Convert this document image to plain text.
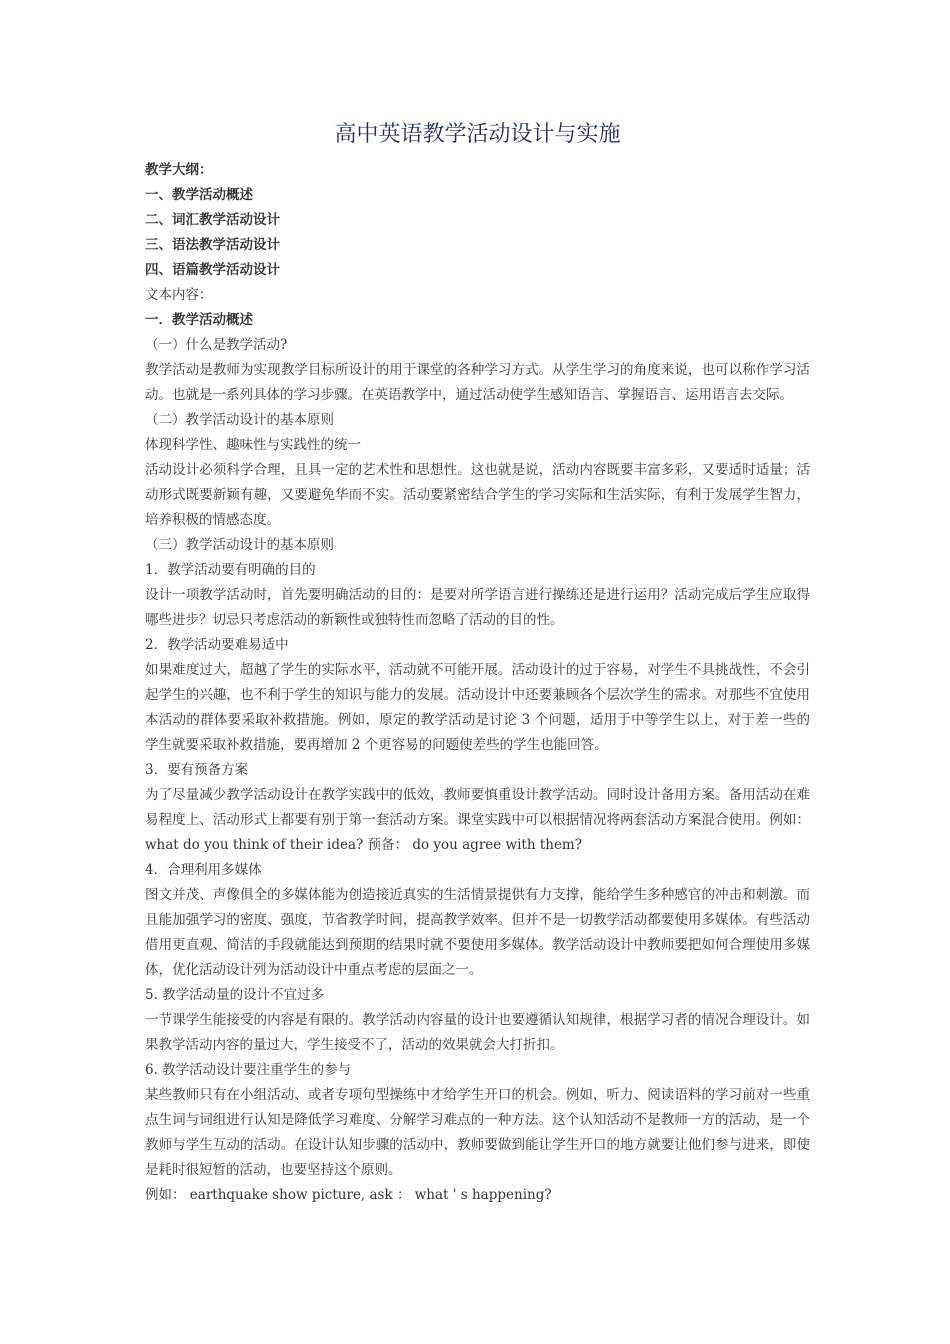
高中英语教学活动设计与实施

教学大纲：

一、教学活动概述

二、词汇教学活动设计

三、语法教学活动设计

四、语篇教学活动设计

文本内容：

一．教学活动概述

（一）什么是教学活动?

教学活动是教师为实现教学目标所设计的用于课堂的各种学习方式。从学生学习的角度来说，也可以称作学习活动。也就是一系列具体的学习步骤。在英语教学中，通过活动使学生感知语言、掌握语言、运用语言去交际。

（二）教学活动设计的基本原则

体现科学性、趣味性与实践性的统一

活动设计必须科学合理，且具一定的艺术性和思想性。这也就是说，活动内容既要丰富多彩，又要适时适量；活动形式既要新颖有趣，又要避免华而不实。活动要紧密结合学生的学习实际和生活实际，有利于发展学生智力，培养积极的情感态度。

（三）教学活动设计的基本原则

1．教学活动要有明确的目的

设计一项教学活动时，首先要明确活动的目的：是要对所学语言进行操练还是进行运用？活动完成后学生应取得哪些进步？切忌只考虑活动的新颖性或独特性而忽略了活动的目的性。

2．教学活动要难易适中

如果难度过大，超越了学生的实际水平，活动就不可能开展。活动设计的过于容易，对学生不具挑战性，不会引起学生的兴趣，也不利于学生的知识与能力的发展。活动设计中还要兼顾各个层次学生的需求。对那些不宜使用本活动的群体要采取补救措施。例如，原定的教学活动是讨论 3 个问题，适用于中等学生以上，对于差一些的学生就要采取补救措施，要再增加 2 个更容易的问题使差些的学生也能回答。

3．要有预备方案

为了尽量减少教学活动设计在教学实践中的低效，教师要慎重设计教学活动。同时设计备用方案。备用活动在难易程度上、活动形式上都要有别于第一套活动方案。课堂实践中可以根据情况将两套活动方案混合使用。例如： what do you think of their idea? 预备： do you agree with them?

4．合理利用多媒体

图文并茂、声像俱全的多媒体能为创造接近真实的生活情景提供有力支撑，能给学生多种感官的冲击和刺激。而且能加强学习的密度、强度，节省教学时间，提高教学效率。但并不是一切教学活动都要使用多媒体。有些活动借用更直观、简洁的手段就能达到预期的结果时就不要使用多媒体。教学活动设计中教师要把如何合理使用多媒体，优化活动设计列为活动设计中重点考虑的层面之一。

5. 教学活动量的设计不宜过多

一节课学生能接受的内容是有限的。教学活动内容量的设计也要遵循认知规律，根据学习者的情况合理设计。如果教学活动内容的量过大，学生接受不了，活动的效果就会大打折扣。

6. 教学活动设计要注重学生的参与

某些教师只有在小组活动、或者专项句型操练中才给学生开口的机会。例如，听力、阅读语料的学习前对一些重点生词与词组进行认知是降低学习难度、分解学习难点的一种方法。这个认知活动不是教师一方的活动，是一个教师与学生互动的活动。在设计认知步骤的活动中，教师要做到能让学生开口的地方就要让他们参与进来，即使是耗时很短暂的活动，也要坚持这个原则。

例如： earthquake show picture, ask ： what ' s happening?
